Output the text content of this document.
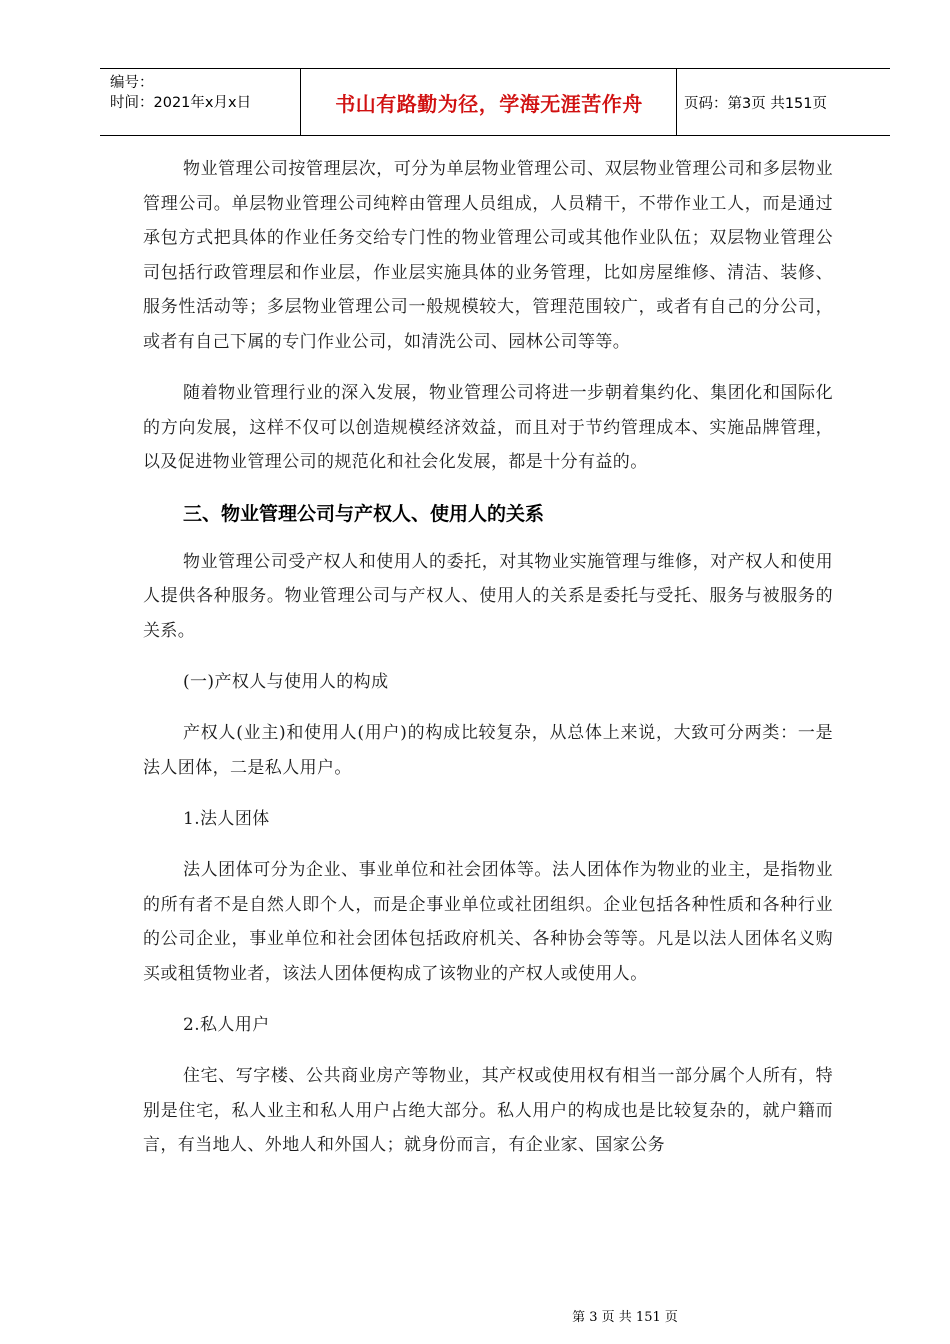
编号：
时间：2021年x月x日	书山有路勤为径，学海无涯苦作舟	页码：第3页 共151页

物业管理公司按管理层次，可分为单层物业管理公司、双层物业管理公司和多层物业管理公司。单层物业管理公司纯粹由管理人员组成，人员精干，不带作业工人，而是通过承包方式把具体的作业任务交给专门性的物业管理公司或其他作业队伍；双层物业管理公司包括行政管理层和作业层，作业层实施具体的业务管理，比如房屋维修、清洁、装修、服务性活动等；多层物业管理公司一般规模较大，管理范围较广，或者有自己的分公司，或者有自己下属的专门作业公司，如清洗公司、园林公司等等。

随着物业管理行业的深入发展，物业管理公司将进一步朝着集约化、集团化和国际化的方向发展，这样不仅可以创造规模经济效益，而且对于节约管理成本、实施品牌管理，以及促进物业管理公司的规范化和社会化发展，都是十分有益的。

三、物业管理公司与产权人、使用人的关系

物业管理公司受产权人和使用人的委托，对其物业实施管理与维修，对产权人和使用人提供各种服务。物业管理公司与产权人、使用人的关系是委托与受托、服务与被服务的关系。

(一)产权人与使用人的构成

产权人(业主)和使用人(用户)的构成比较复杂，从总体上来说，大致可分两类：一是法人团体，二是私人用户。

1.法人团体

法人团体可分为企业、事业单位和社会团体等。法人团体作为物业的业主，是指物业的所有者不是自然人即个人，而是企事业单位或社团组织。企业包括各种性质和各种行业的公司企业，事业单位和社会团体包括政府机关、各种协会等等。凡是以法人团体名义购买或租赁物业者，该法人团体便构成了该物业的产权人或使用人。

2.私人用户

住宅、写字楼、公共商业房产等物业，其产权或使用权有相当一部分属个人所有，特别是住宅，私人业主和私人用户占绝大部分。私人用户的构成也是比较复杂的，就户籍而言，有当地人、外地人和外国人；就身份而言，有企业家、国家公务

第 3 页 共 151 页
